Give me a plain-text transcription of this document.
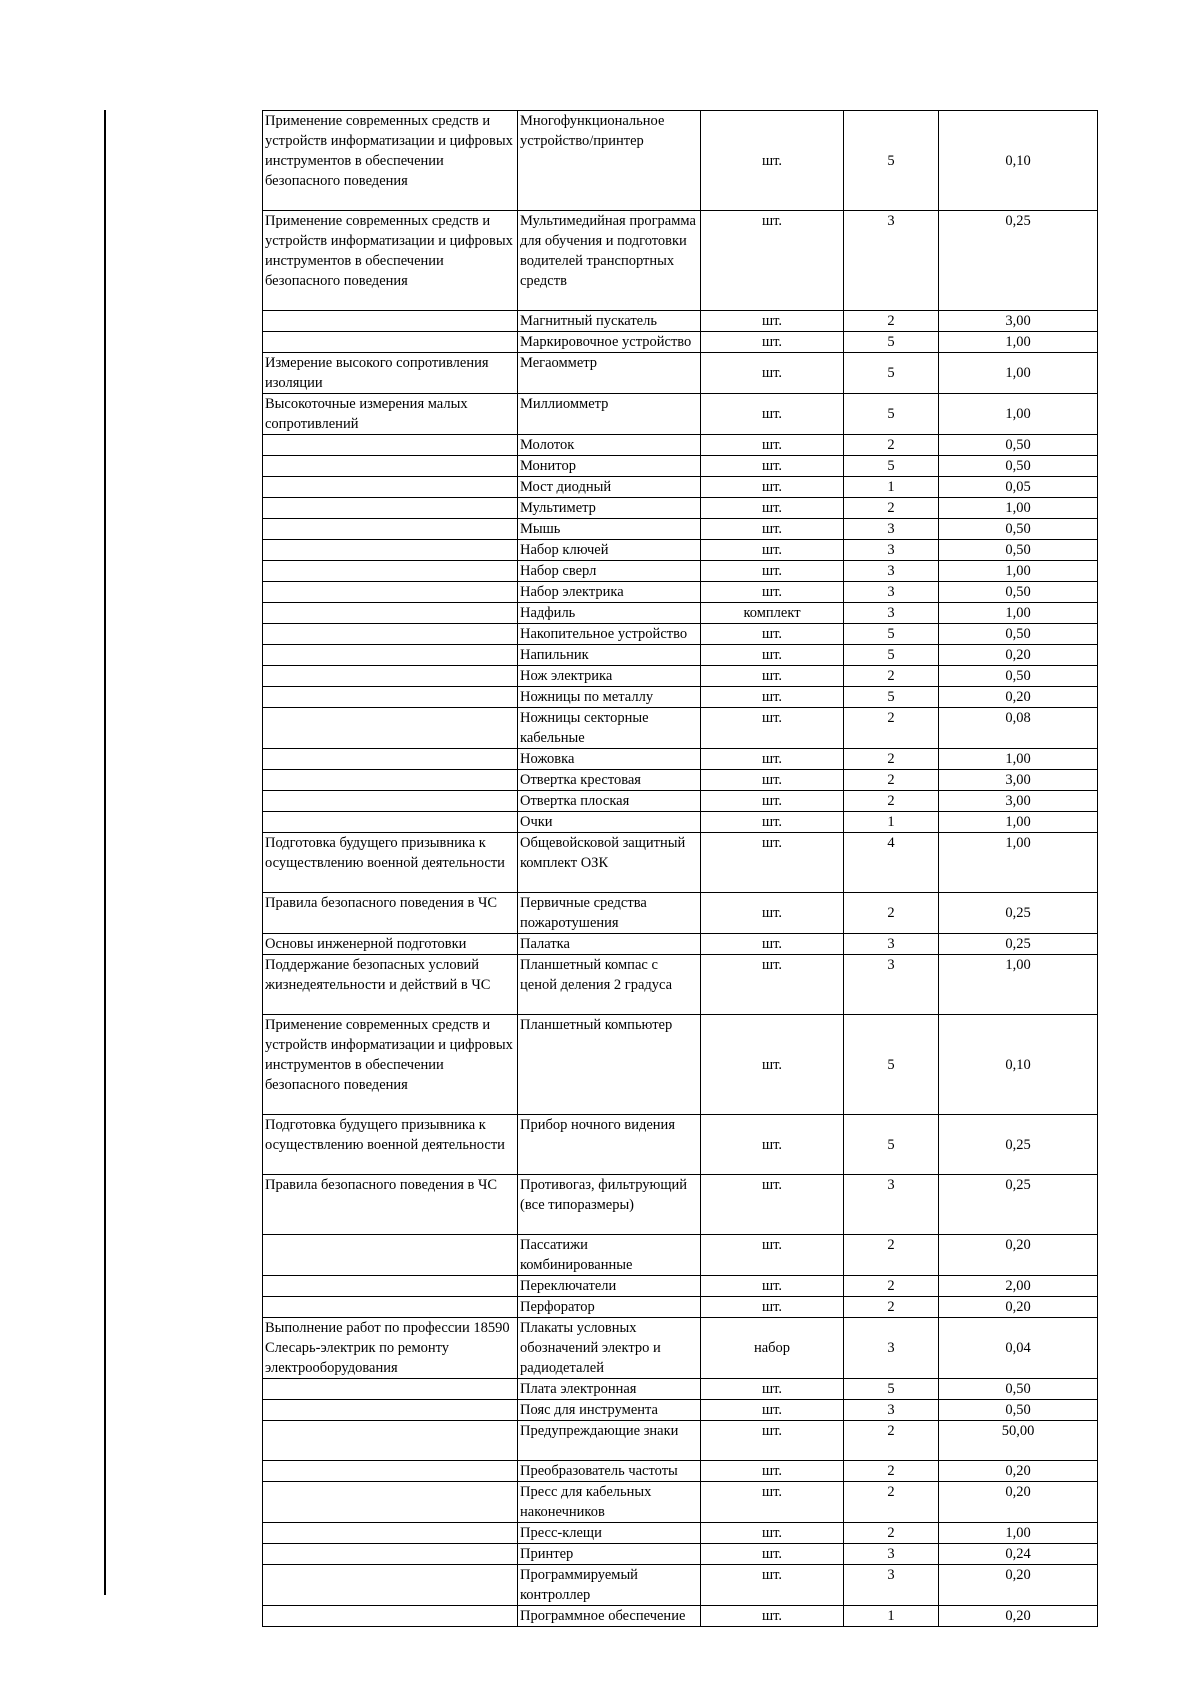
Применение современных средств и устройств информатизации и цифровых инструментов в обеспечении безопасного поведения	Многофункциональное устройство/принтер	шт.	5	0,10
Применение современных средств и устройств информатизации и цифровых инструментов в обеспечении безопасного поведения	Мультимедийная программа для обучения и подготовки водителей транспортных средств	шт.	3	0,25
	Магнитный пускатель	шт.	2	3,00
	Маркировочное устройство	шт.	5	1,00
Измерение высокого сопротивления изоляции	Мегаомметр	шт.	5	1,00
Высокоточные измерения малых сопротивлений	Миллиомметр	шт.	5	1,00
	Молоток	шт.	2	0,50
	Монитор	шт.	5	0,50
	Мост диодный	шт.	1	0,05
	Мультиметр	шт.	2	1,00
	Мышь	шт.	3	0,50
	Набор ключей	шт.	3	0,50
	Набор сверл	шт.	3	1,00
	Набор электрика	шт.	3	0,50
	Надфиль	комплект	3	1,00
	Накопительное устройство	шт.	5	0,50
	Напильник	шт.	5	0,20
	Нож электрика	шт.	2	0,50
	Ножницы по металлу	шт.	5	0,20
	Ножницы секторные кабельные	шт.	2	0,08
	Ножовка	шт.	2	1,00
	Отвертка крестовая	шт.	2	3,00
	Отвертка плоская	шт.	2	3,00
	Очки	шт.	1	1,00
Подготовка будущего призывника к осуществлению военной деятельности	Общевойсковой защитный комплект ОЗК	шт.	4	1,00
Правила безопасного поведения в ЧС	Первичные средства пожаротушения	шт.	2	0,25
Основы инженерной подготовки	Палатка	шт.	3	0,25
Поддержание безопасных условий жизнедеятельности и действий в ЧС	Планшетный компас с ценой деления 2 градуса	шт.	3	1,00
Применение современных средств и устройств информатизации и цифровых инструментов в обеспечении безопасного поведения	Планшетный компьютер	шт.	5	0,10
Подготовка будущего призывника к осуществлению военной деятельности	Прибор ночного видения	шт.	5	0,25
Правила безопасного поведения в ЧС	Противогаз, фильтрующий (все типоразмеры)	шт.	3	0,25
	Пассатижи комбинированные	шт.	2	0,20
	Переключатели	шт.	2	2,00
	Перфоратор	шт.	2	0,20
Выполнение работ по профессии 18590 Слесарь-электрик по ремонту электрооборудования	Плакаты условных обозначений электро и радиодеталей	набор	3	0,04
	Плата электронная	шт.	5	0,50
	Пояс для инструмента	шт.	3	0,50
	Предупреждающие знаки	шт.	2	50,00
	Преобразователь частоты	шт.	2	0,20
	Пресс для кабельных наконечников	шт.	2	0,20
	Пресс-клещи	шт.	2	1,00
	Принтер	шт.	3	0,24
	Программируемый контроллер	шт.	3	0,20
	Программное обеспечение	шт.	1	0,20
